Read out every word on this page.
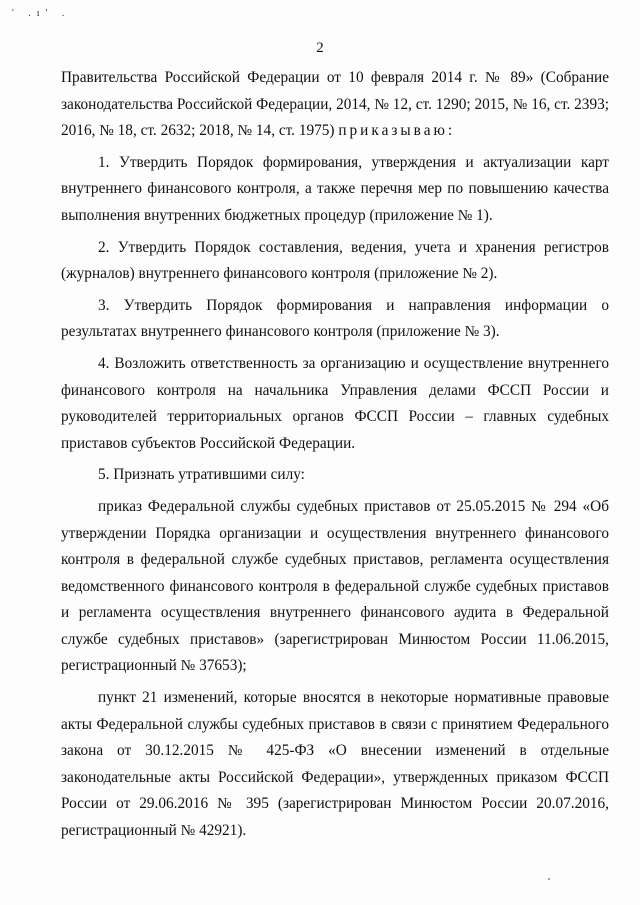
' .ı' .
2

Правительства Российской Федерации от 10 февраля 2014 г. № 89» (Собрание законодательства Российской Федерации, 2014, № 12, ст. 1290; 2015, № 16, ст. 2393; 2016, № 18, ст. 2632; 2018, № 14, ст. 1975) приказываю:

1. Утвердить Порядок формирования, утверждения и актуализации карт внутреннего финансового контроля, а также перечня мер по повышению качества выполнения внутренних бюджетных процедур (приложение № 1).

2. Утвердить Порядок составления, ведения, учета и хранения регистров (журналов) внутреннего финансового контроля (приложение № 2).

3. Утвердить Порядок формирования и направления информации о результатах внутреннего финансового контроля (приложение № 3).

4. Возложить ответственность за организацию и осуществление внутреннего финансового контроля на начальника Управления делами ФССП России и руководителей территориальных органов ФССП России – главных судебных приставов субъектов Российской Федерации.

5. Признать утратившими силу:

приказ Федеральной службы судебных приставов от 25.05.2015 № 294 «Об утверждении Порядка организации и осуществления внутреннего финансового контроля в федеральной службе судебных приставов, регламента осуществления ведомственного финансового контроля в федеральной службе судебных приставов и регламента осуществления внутреннего финансового аудита в Федеральной службе судебных приставов» (зарегистрирован Минюстом России 11.06.2015, регистрационный № 37653);

пункт 21 изменений, которые вносятся в некоторые нормативные правовые акты Федеральной службы судебных приставов в связи с принятием Федерального закона от 30.12.2015 № 425-ФЗ «О внесении изменений в отдельные законодательные акты Российской Федерации», утвержденных приказом ФССП России от 29.06.2016 № 395 (зарегистрирован Минюстом России 20.07.2016, регистрационный № 42921).
